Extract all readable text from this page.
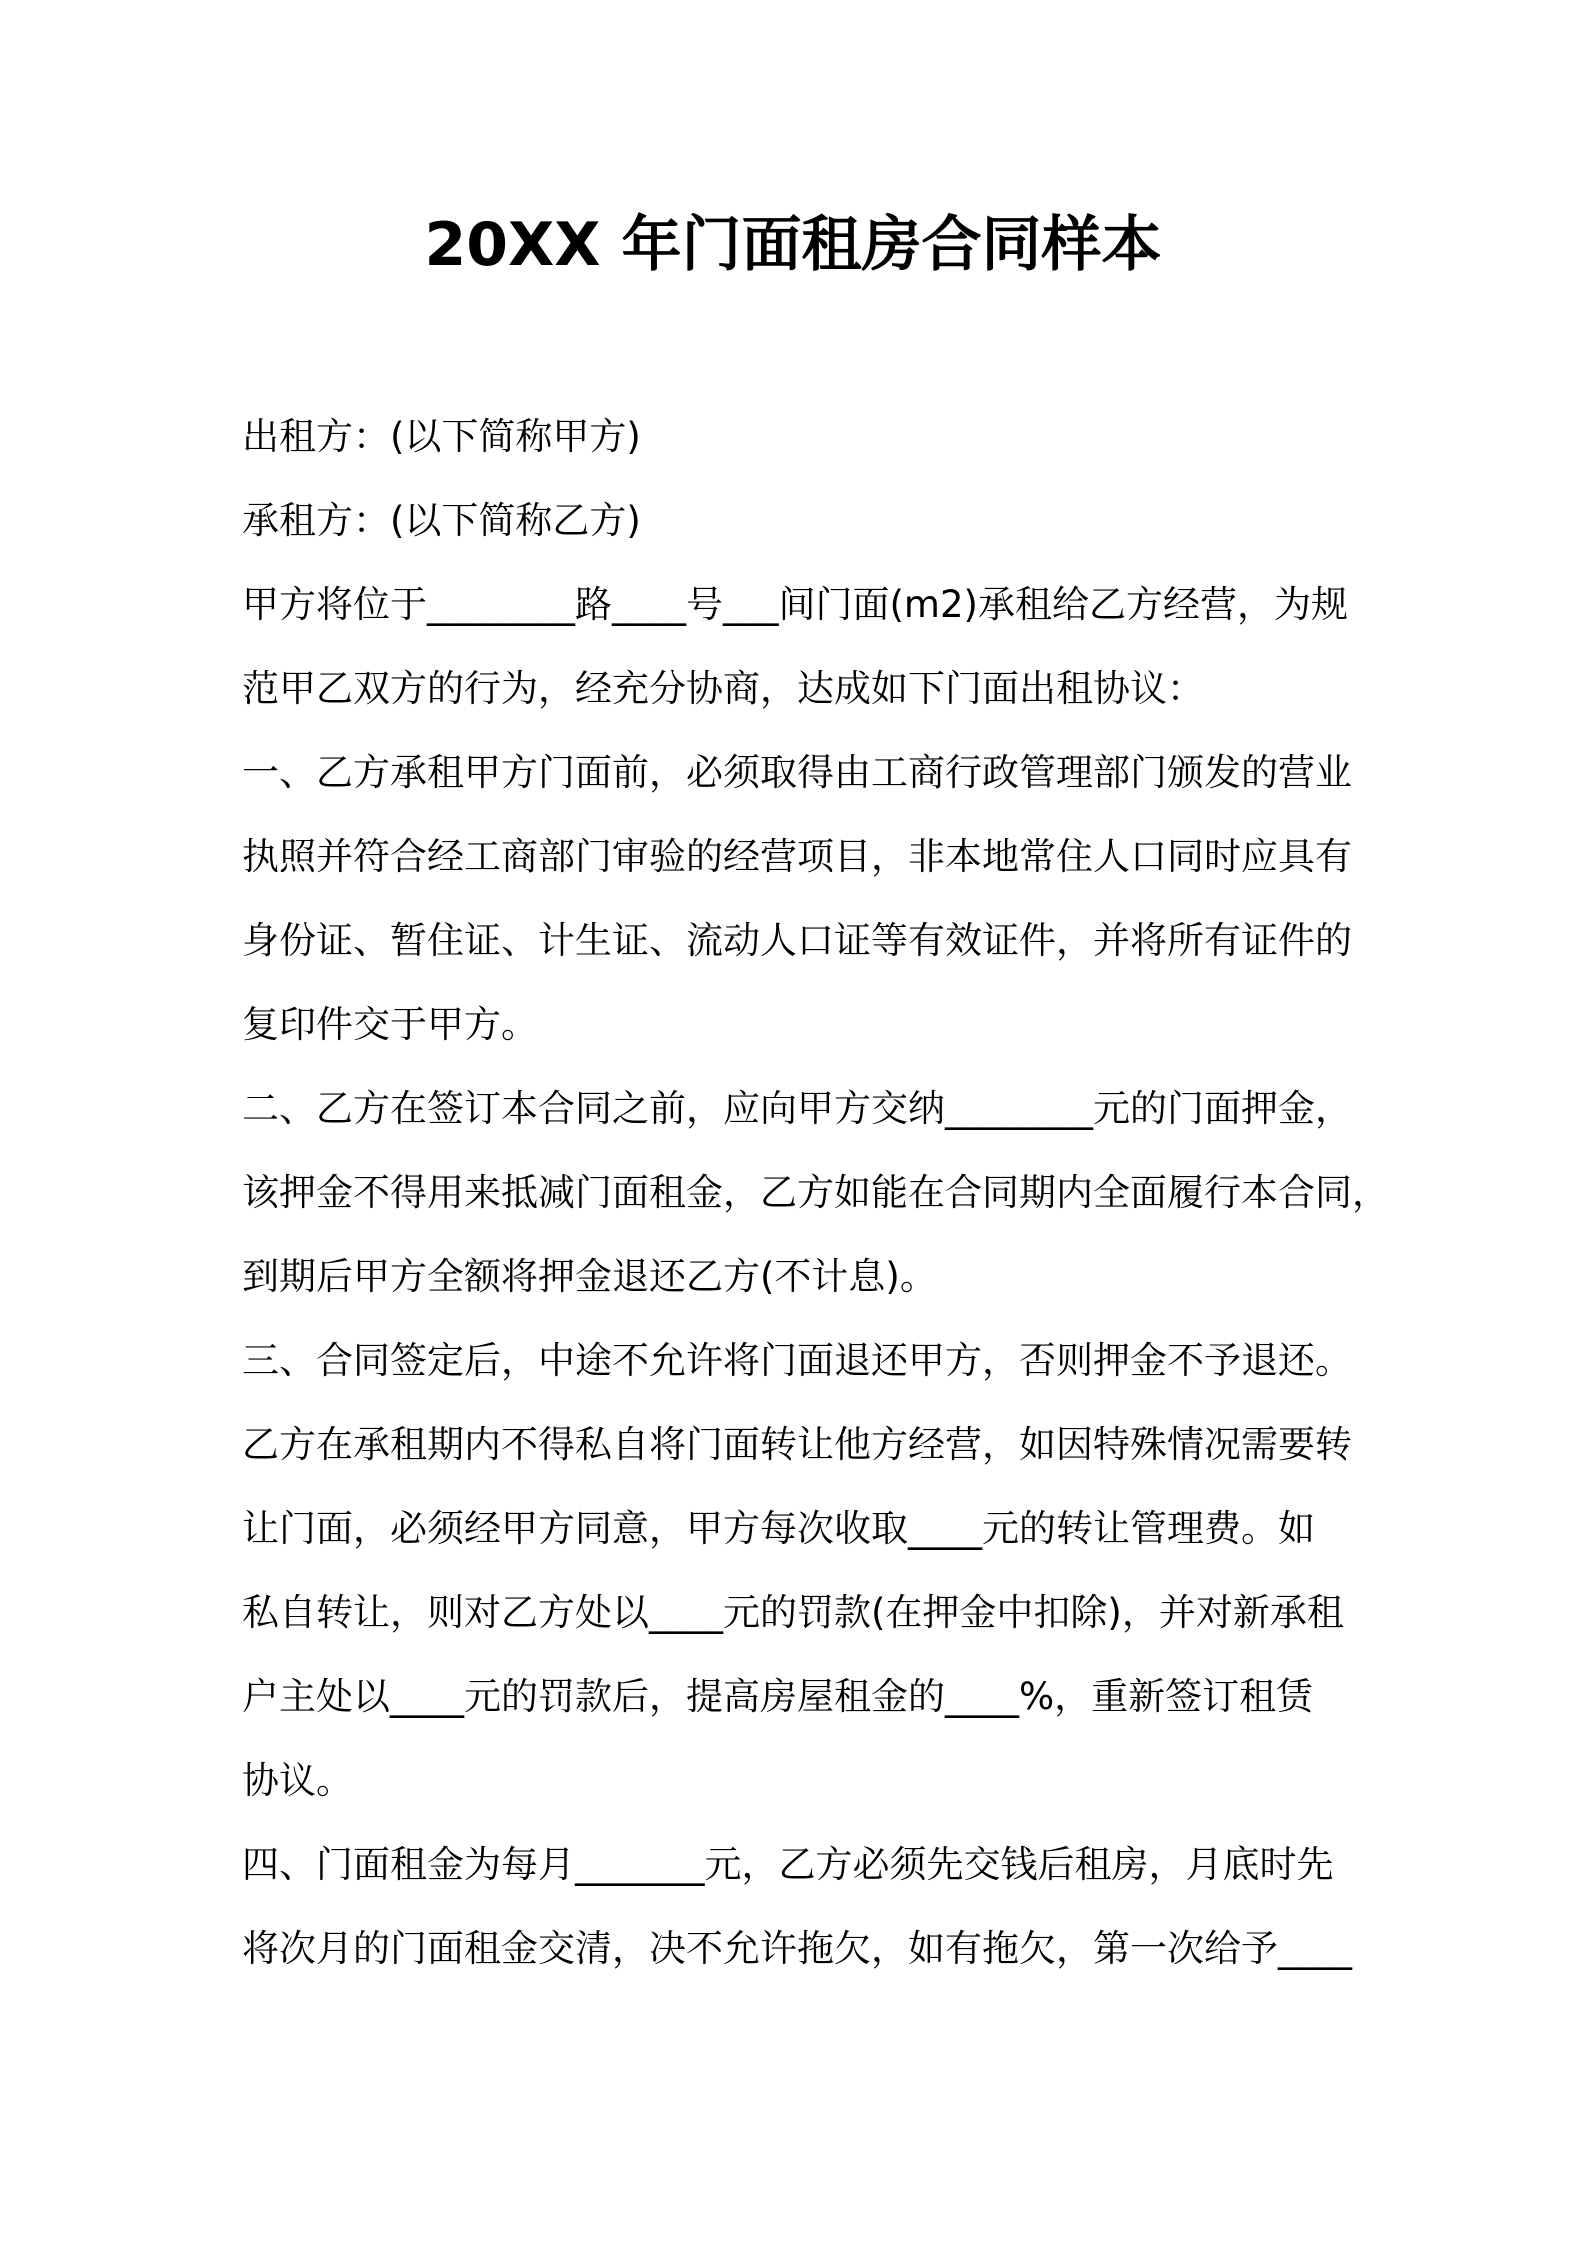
20XX 年门面租房合同样本
出租方：(以下简称甲方)
承租方：(以下简称乙方)
甲方将位于________路____号___间门面(m2)承租给乙方经营，为规
范甲乙双方的行为，经充分协商，达成如下门面出租协议：
一、乙方承租甲方门面前，必须取得由工商行政管理部门颁发的营业
执照并符合经工商部门审验的经营项目，非本地常住人口同时应具有
身份证、暂住证、计生证、流动人口证等有效证件，并将所有证件的
复印件交于甲方。
二、乙方在签订本合同之前，应向甲方交纳________元的门面押金，
该押金不得用来抵减门面租金，乙方如能在合同期内全面履行本合同，
到期后甲方全额将押金退还乙方(不计息)。
三、合同签定后，中途不允许将门面退还甲方，否则押金不予退还。
乙方在承租期内不得私自将门面转让他方经营，如因特殊情况需要转
让门面，必须经甲方同意，甲方每次收取____元的转让管理费。如
私自转让，则对乙方处以____元的罚款(在押金中扣除)，并对新承租
户主处以____元的罚款后，提高房屋租金的____%，重新签订租赁
协议。
四、门面租金为每月_______元，乙方必须先交钱后租房，月底时先
将次月的门面租金交清，决不允许拖欠，如有拖欠，第一次给予____
